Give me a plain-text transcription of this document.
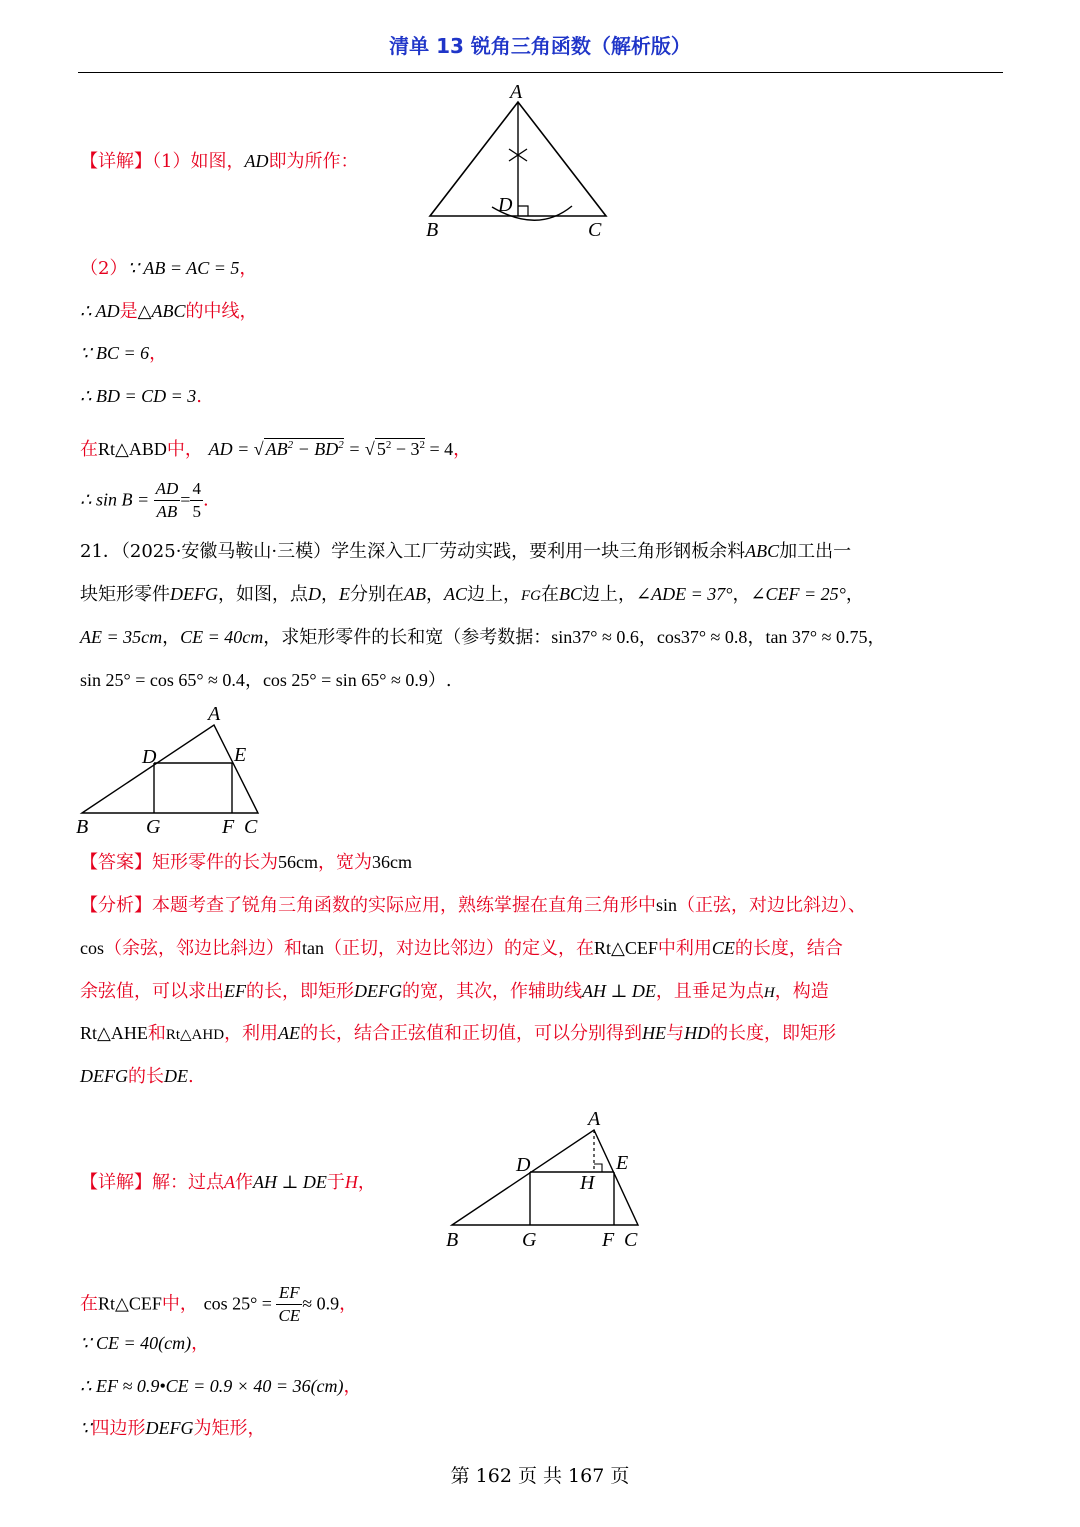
清单 13 锐角三角函数（解析版）
【详解】（1）如图，AD即为所作：
A
B	C
D
（2）∵ AB = AC = 5，
∴ AD是△ABC的中线，
∵ BC = 6，
∴ BD = CD = 3.
在Rt△ABD中， AD = √ $AB^2 - BD^2$ = √ $5^2 - 3^2 = 4$，
∴ $\sin B = \frac{AD}{AB} = \frac{4}{5}$ .
21．（2025·安徽马鞍山·三模）学生深入工厂劳动实践，要利用一块三角形钢板余料ABC加工出一
块矩形零件DEFG，如图，点D，E分别在AB，AC边上，FG在BC边上，∠ADE = 37°，∠CEF = 25°，
AE = 35cm，CE = 40cm，求矩形零件的长和宽（参考数据：sin37° ≈ 0.6，cos37° ≈ 0.8，tan 37° ≈ 0.75，
sin 25° = cos 65° ≈ 0.4，cos 25° = sin 65° ≈ 0.9）.
A
D	E
B	G	F C
【答案】矩形零件的长为56cm，宽为36cm
【分析】本题考查了锐角三角函数的实际应用，熟练掌握在直角三角形中sin（正弦，对边比斜边）、
cos（余弦，邻边比斜边）和tan（正切，对边比邻边）的定义，在Rt△CEF中利用CE的长度，结合
余弦值，可以求出EF的长，即矩形DEFG的宽，其次，作辅助线AH ⊥ DE，且垂足为点H，构造
Rt△AHE和Rt△AHD，利用AE的长，结合正弦值和正切值，可以分别得到HE与HD的长度，即矩形
DEFG的长DE.
【详解】解：过点A作AH ⊥ DE于H，
A
D	E
H
B	G	F C
在Rt△CEF中， $\cos 25^\circ = \frac{EF}{CE} \approx 0.9$，
∵ CE = 40(cm)，
∴ EF ≈ 0.9•CE = 0.9 × 40 = 36(cm)，
∵四边形DEFG为矩形，
第 162 页 共 167 页
